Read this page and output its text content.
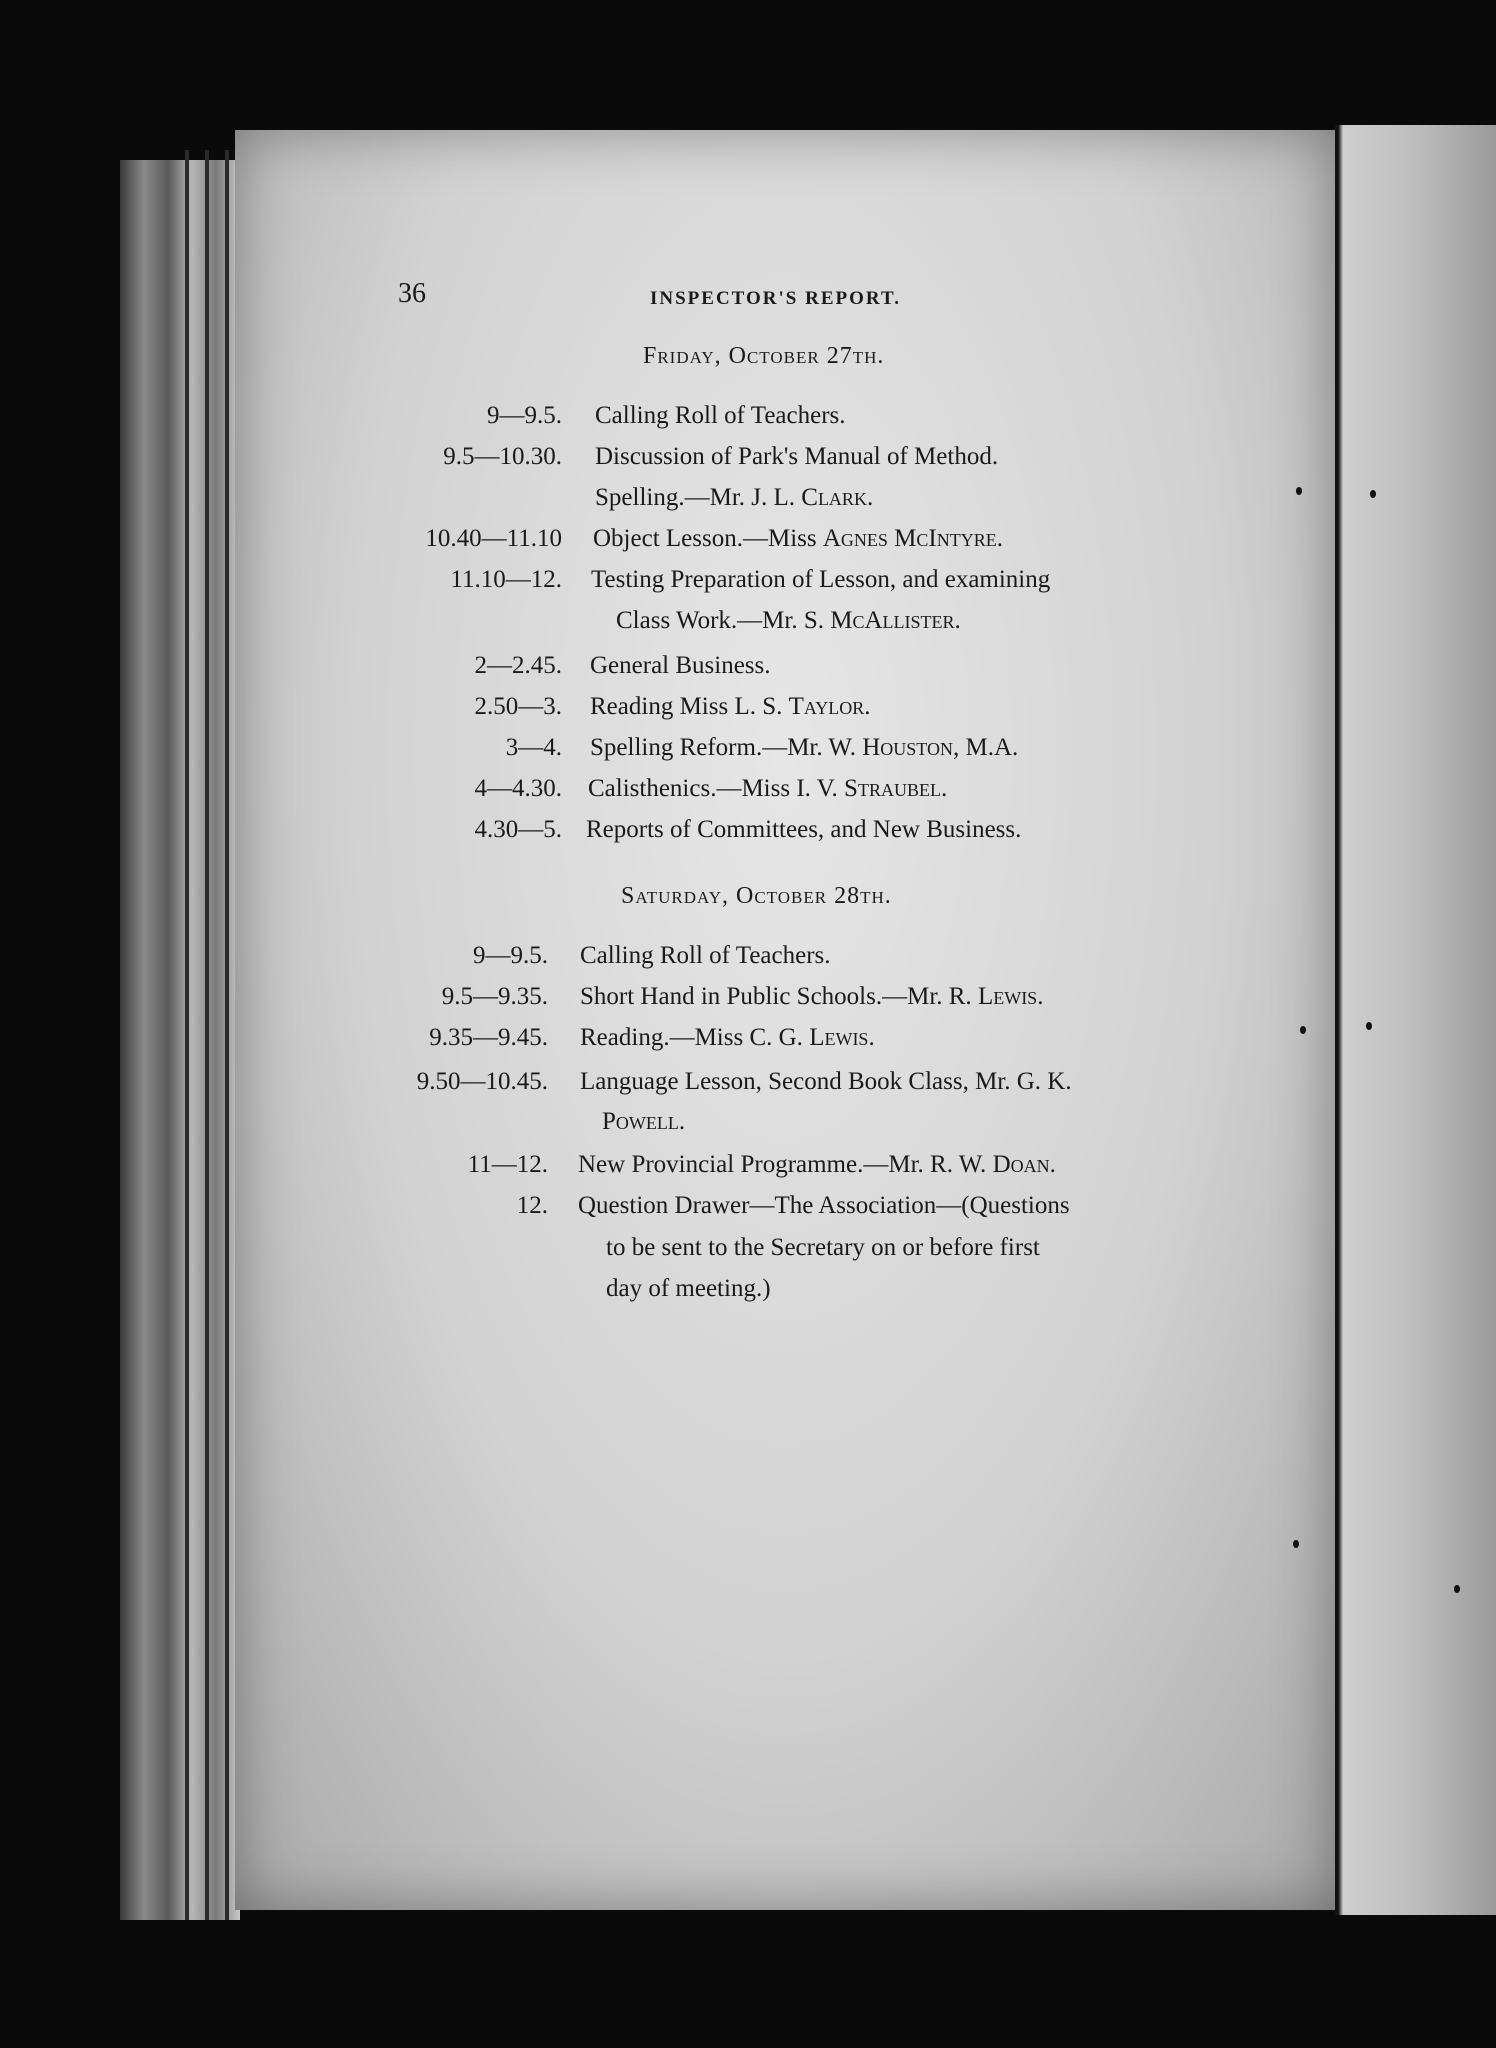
36	INSPECTOR'S REPORT.
Friday, October 27th.
9—9.5. Calling Roll of Teachers.
9.5—10.30. Discussion of Park's Manual of Method.
Spelling.—Mr. J. L. Clark.
10.40—11.10 Object Lesson.—Miss Agnes McIntyre.
11.10—12. Testing Preparation of Lesson, and examining
Class Work.—Mr. S. McAllister.
2—2.45. General Business.
2.50—3. Reading Miss L. S. Taylor.
3—4. Spelling Reform.—Mr. W. Houston, M.A.
4—4.30. Calisthenics.—Miss I. V. Straubel.
4.30—5. Reports of Committees, and New Business.
Saturday, October 28th.
9—9.5. Calling Roll of Teachers.
9.5—9.35. Short Hand in Public Schools.—Mr. R. Lewis.
9.35—9.45. Reading.—Miss C. G. Lewis.
9.50—10.45. Language Lesson, Second Book Class, Mr. G. K.
Powell.
11—12. New Provincial Programme.—Mr. R. W. Doan.
12. Question Drawer—The Association—(Questions
to be sent to the Secretary on or before first
day of meeting.)
